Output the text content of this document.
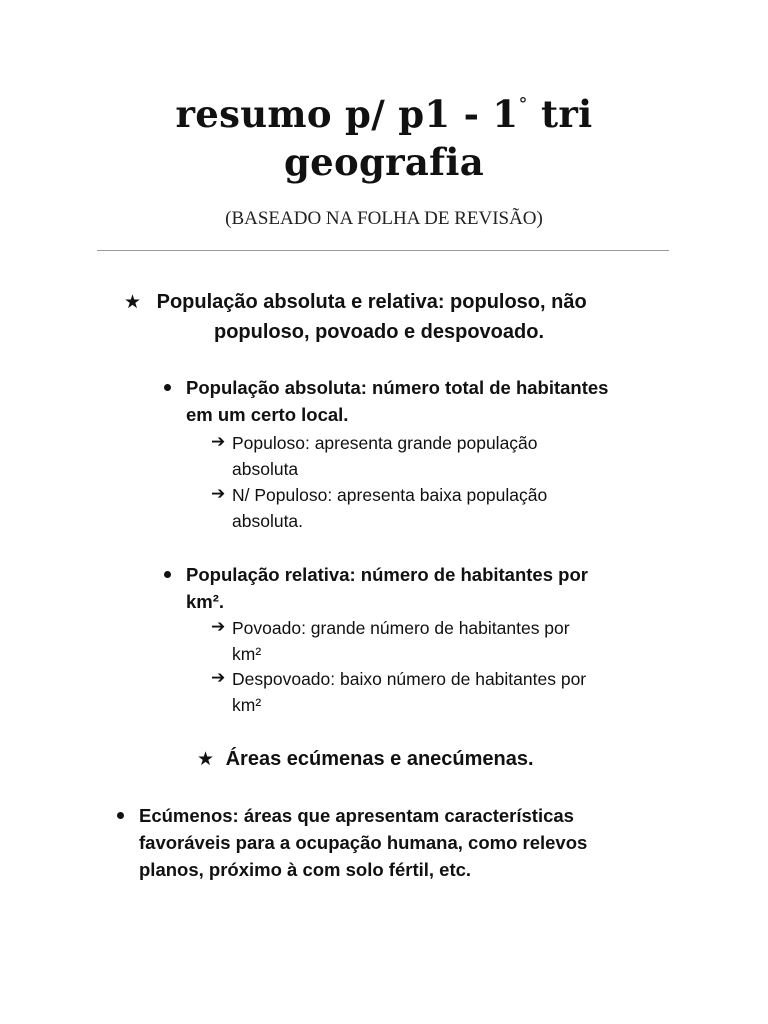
resumo p/ p1 - 1° tri
geografia
(BASEADO NA FOLHA DE REVISÃO)
★ População absoluta e relativa: populoso, não
populoso, povoado e despovoado.
População absoluta: número total de habitantes
em um certo local.
➔ Populoso: apresenta grande população
absoluta
➔ N/ Populoso: apresenta baixa população
absoluta.
População relativa: número de habitantes por
km².
➔ Povoado: grande número de habitantes por
km²
➔ Despovoado: baixo número de habitantes por
km²
★ Áreas ecúmenas e anecúmenas.
Ecúmenos: áreas que apresentam características
favoráveis para a ocupação humana, como relevos
planos, próximo à com solo fértil, etc.
